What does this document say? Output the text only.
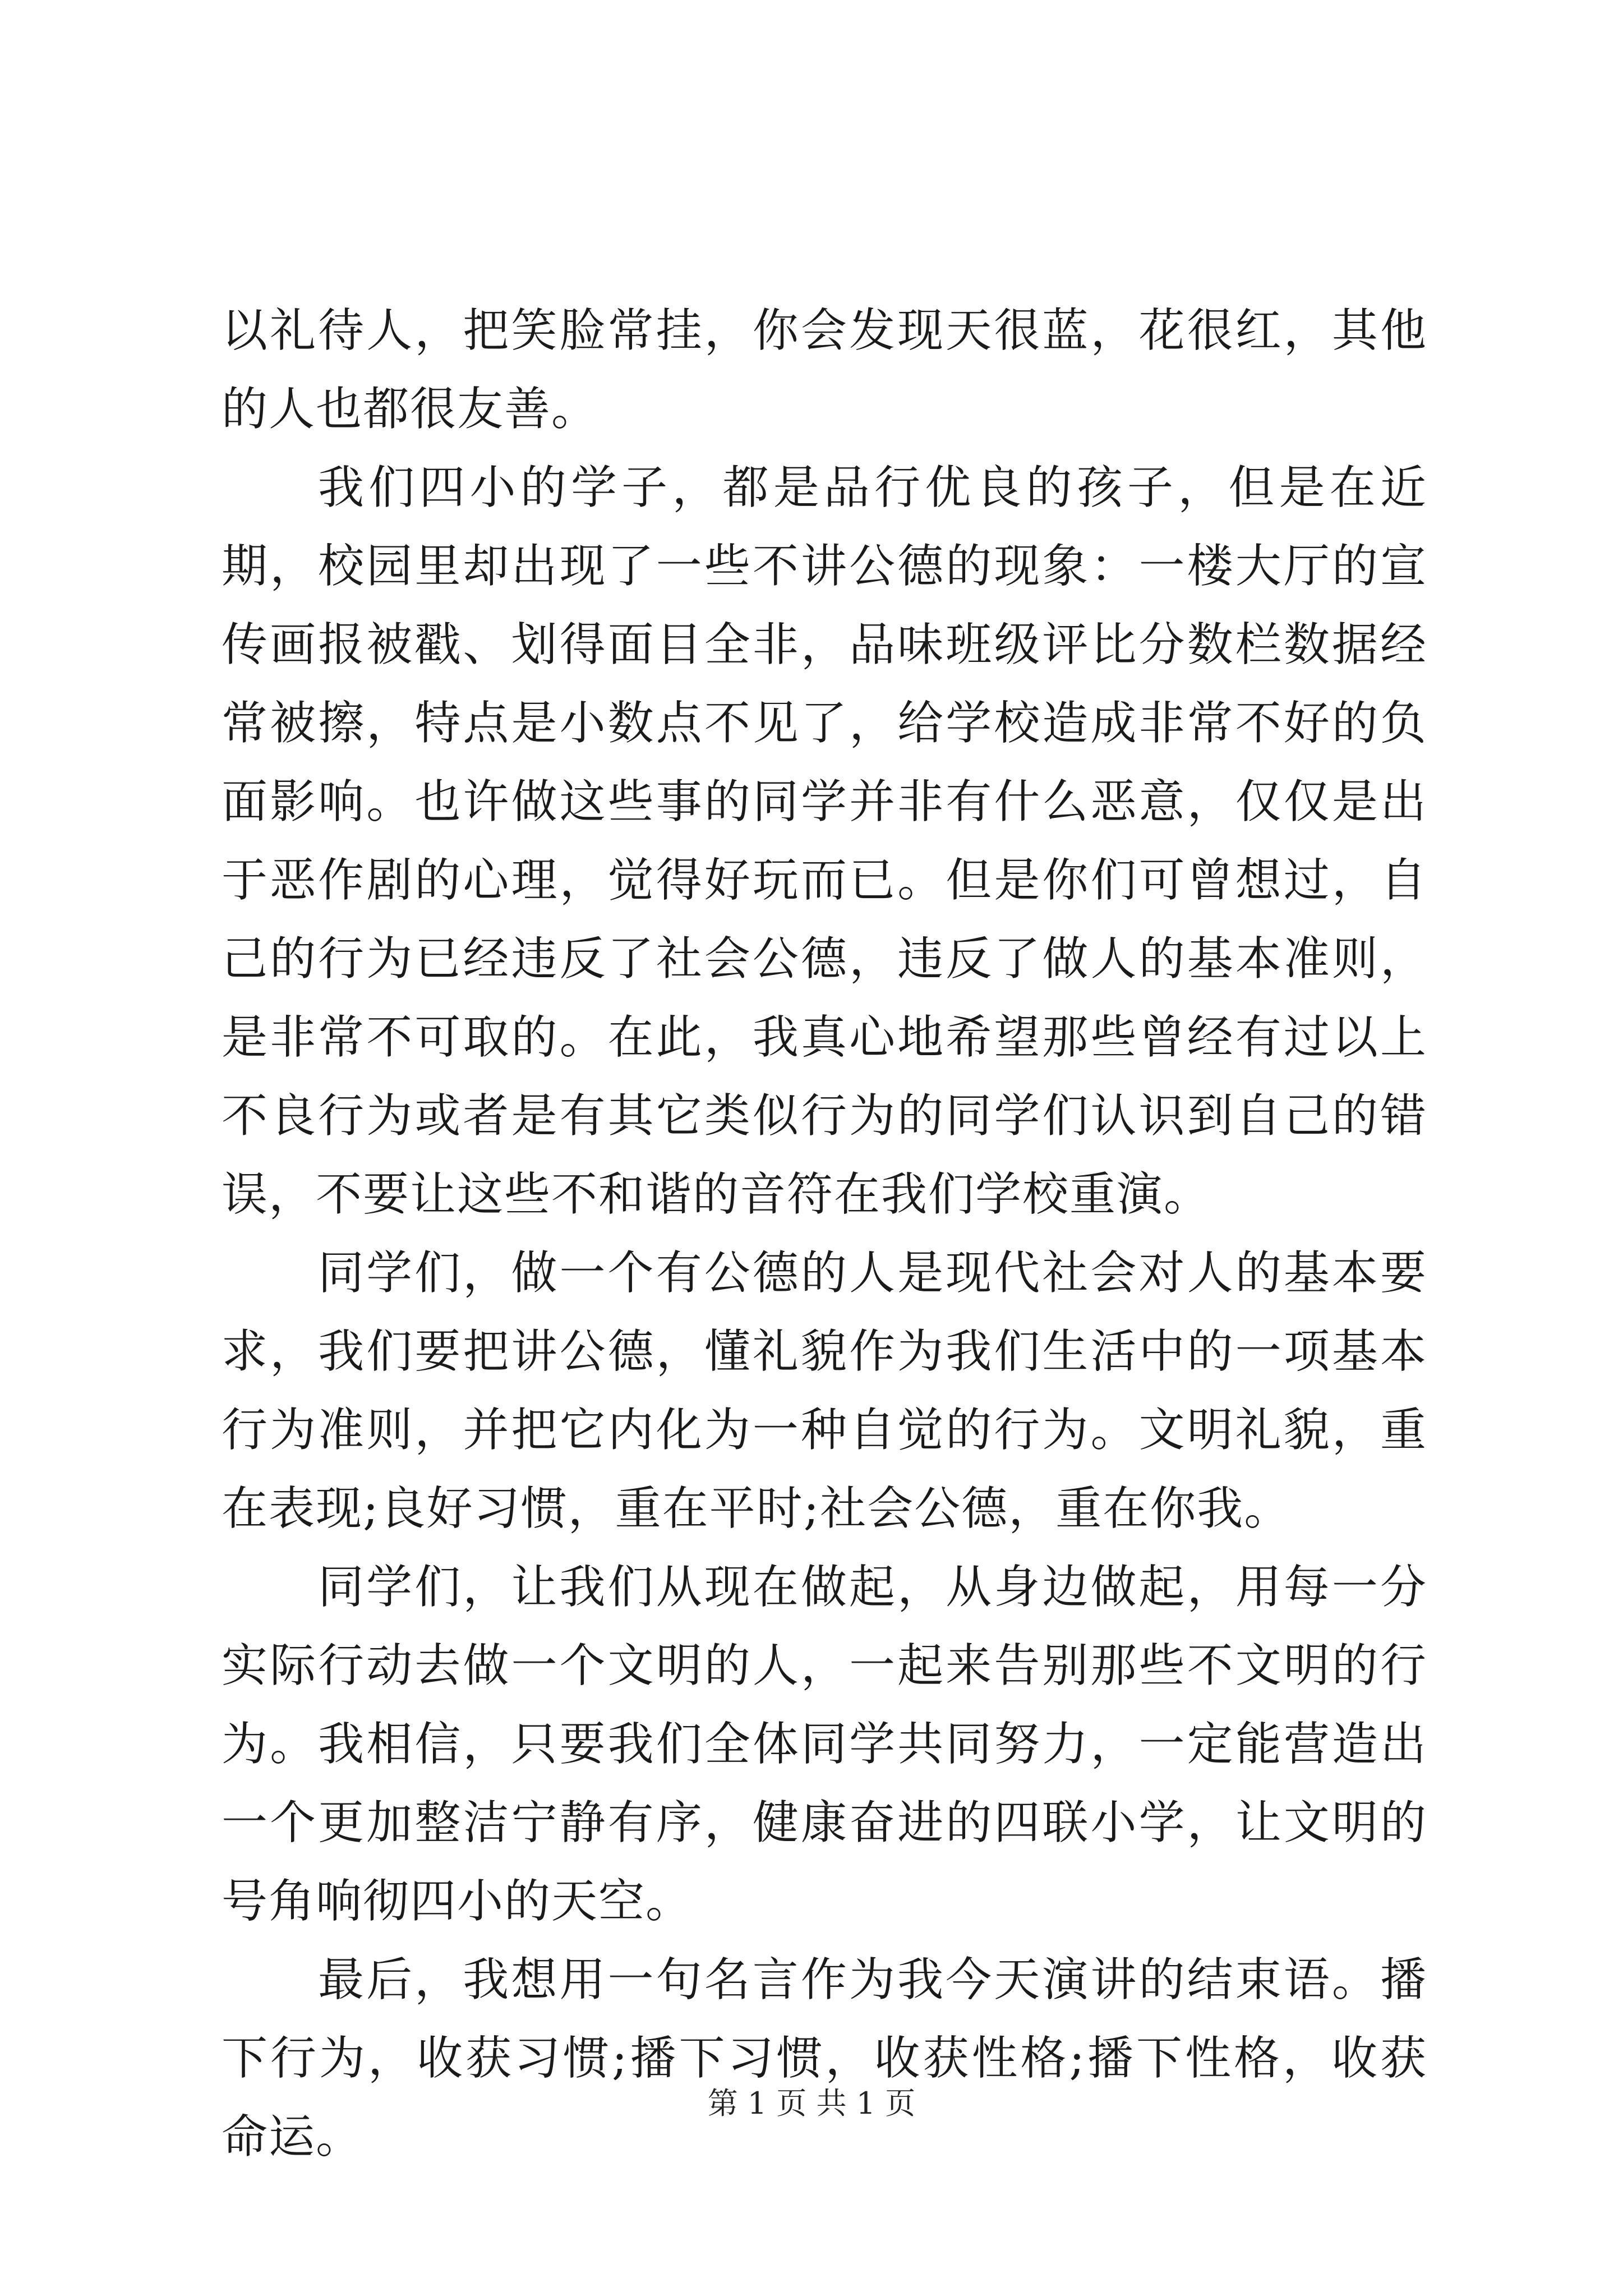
以礼待人，把笑脸常挂，你会发现天很蓝，花很红，其他的人也都很友善。

我们四小的学子，都是品行优良的孩子，但是在近期，校园里却出现了一些不讲公德的现象：一楼大厅的宣传画报被戳、划得面目全非，品味班级评比分数栏数据经常被擦，特点是小数点不见了，给学校造成非常不好的负面影响。也许做这些事的同学并非有什么恶意，仅仅是出于恶作剧的心理，觉得好玩而已。但是你们可曾想过，自己的行为已经违反了社会公德，违反了做人的基本准则，是非常不可取的。在此，我真心地希望那些曾经有过以上不良行为或者是有其它类似行为的同学们认识到自己的错误，不要让这些不和谐的音符在我们学校重演。

同学们，做一个有公德的人是现代社会对人的基本要求，我们要把讲公德，懂礼貌作为我们生活中的一项基本行为准则，并把它内化为一种自觉的行为。文明礼貌，重在表现;良好习惯，重在平时;社会公德，重在你我。

同学们，让我们从现在做起，从身边做起，用每一分实际行动去做一个文明的人，一起来告别那些不文明的行为。我相信，只要我们全体同学共同努力，一定能营造出一个更加整洁宁静有序，健康奋进的四联小学，让文明的号角响彻四小的天空。

最后，我想用一句名言作为我今天演讲的结束语。播下行为，收获习惯;播下习惯，收获性格;播下性格，收获命运。

第 1 页 共 1 页
